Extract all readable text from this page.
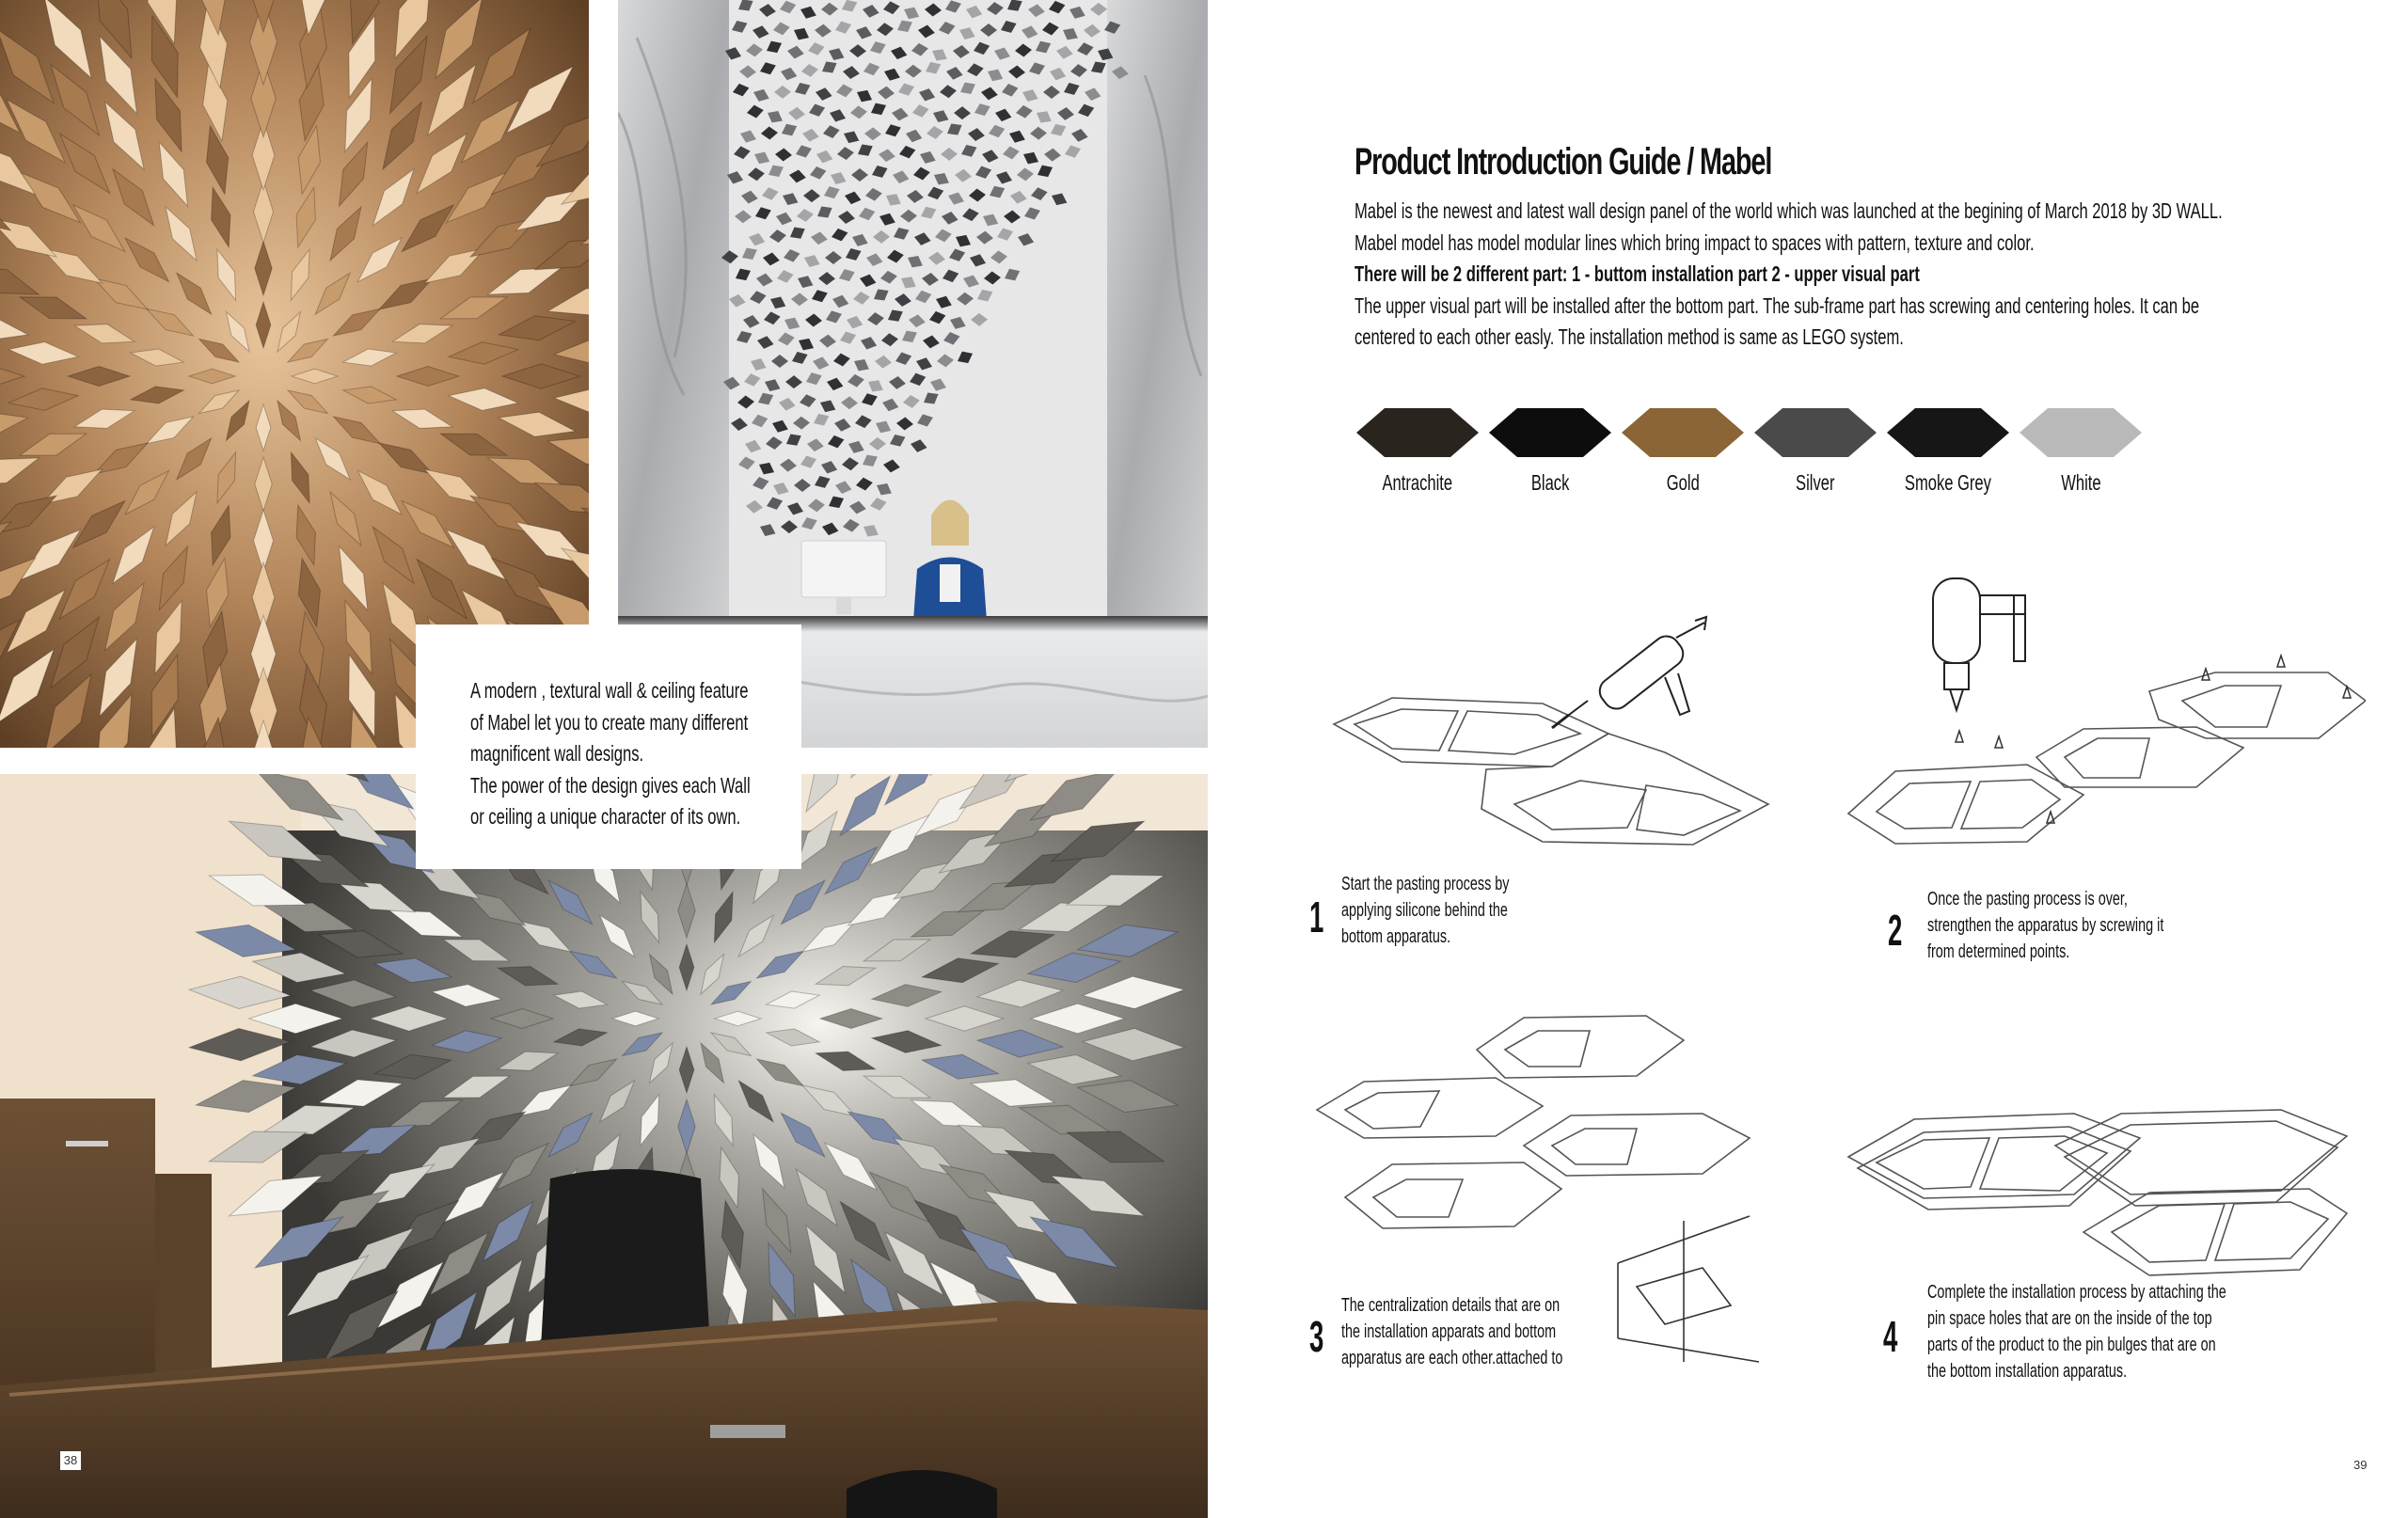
A modern , textural wall & ceiling feature

of Mabel let you to create many different

magnificent wall designs.

The power of the design gives each Wall

or ceiling a unique character of its own.

38
Product Introduction Guide / Mabel

Mabel is the newest and latest wall design panel of the world which was launched at the begining of March 2018 by 3D WALL.

Mabel model has model modular lines which bring impact to spaces with pattern, texture and color.

There will be 2 different part: 1 - buttom installation part 2 - upper visual part

The upper visual part will be installed after the bottom part. The sub-frame part has screwing and centering holes. It can be

centered to each other easly. The installation method is same as LEGO system.

Antrachite	Black	Gold	Silver	Smoke Grey	White
1
Start the pasting process by
applying silicone behind the
bottom apparatus.	2
Once the pasting process is over,
strengthen the apparatus by screwing it
from determined points.
3
The centralization details that are on
the installation apparats and bottom
apparatus are each other.attached to	4
Complete the installation process by attaching the
pin space holes that are on the inside of the top
parts of the product to the pin bulges that are on
the bottom installation apparatus.
39
